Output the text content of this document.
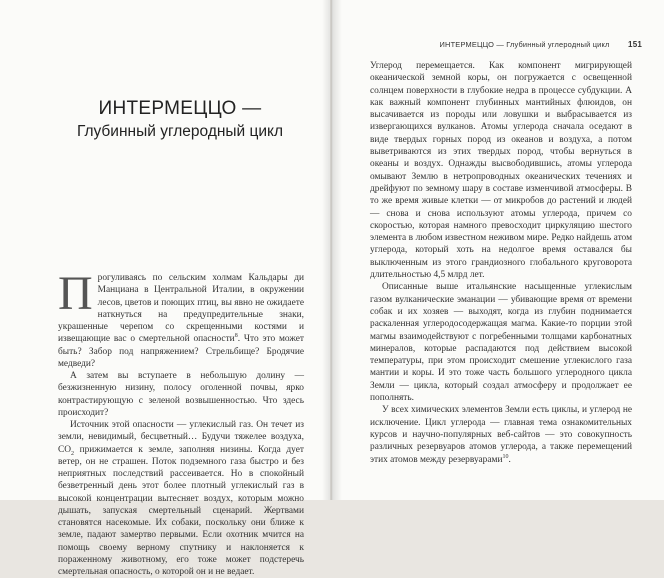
ИНТЕРМЕЦЦО —
Глубинный углеродный цикл

Прогуливаясь по сельским холмам Кальдары ди Манциана в Центральной Италии, в окружении лесов, цветов и поющих птиц, вы явно не ожидаете наткнуться на предупредительные знаки, украшенные черепом со скрещенными костями и извещающие вас о смертельной опасности$^8$. Что это может быть? Забор под напряжением? Стрельбище? Бродячие медведи?

А затем вы вступаете в небольшую долину — безжизненную низину, полосу оголенной почвы, ярко контрастирующую с зеленой возвышенностью. Что здесь происходит?

Источник этой опасности — углекислый газ. Он течет из земли, невидимый, бесцветный… Будучи тяжелее воздуха, $CO_2$ прижимается к земле, заполняя низины. Когда дует ветер, он не страшен. Поток подземного газа быстро и без неприятных последствий рассеивается. Но в спокойный безветренный день этот более плотный углекислый газ в высокой концентрации вытесняет воздух, которым можно дышать, запуская смертельный сценарий. Жертвами становятся насекомые. Их собаки, поскольку они ближе к земле, падают замертво первыми. Если охотник мчится на помощь своему верному спутнику и наклоняется к пораженному животному, его тоже может подстеречь смертельная опасность, о которой он и не ведает.

ИНТЕРМЕЦЦО — Глубинный углеродный цикл 151

Углерод перемещается. Как компонент мигрирующей океанической земной коры, он погружается с освещенной солнцем поверхности в глубокие недра в процессе субдукции. А как важный компонент глубинных мантийных флюидов, он высачивается из породы или ловушки и выбрасывается из извергающихся вулканов. Атомы углерода сначала оседают в виде твердых горных пород из океанов и воздуха, а потом выветриваются из этих твердых пород, чтобы вернуться в океаны и воздух. Однажды высвободившись, атомы углерода омывают Землю в нетропроводных океанических течениях и дрейфуют по земному шару в составе изменчивой атмосферы. В то же время живые клетки — от микробов до растений и людей — снова и снова используют атомы углерода, причем со скоростью, которая намного превосходит циркуляцию шестого элемента в любом известном неживом мире. Редко найдешь атом углерода, который хоть на недолгое время оставался бы выключенным из этого грандиозного глобального круговорота длительностью 4,5 млрд лет.

Описанные выше итальянские насыщенные углекислым газом вулканические эманации — убивающие время от времени собак и их хозяев — выходят, когда из глубин поднимается раскаленная углеродосодержащая магма. Какие-то порции этой магмы взаимодействуют с погребенными толщами карбонатных минералов, которые распадаются под действием высокой температуры, при этом происходит смешение углекислого газа мантии и коры. И это тоже часть большого углеродного цикла Земли — цикла, который создал атмосферу и продолжает ее пополнять.

У всех химических элементов Земли есть циклы, и углерод не исключение. Цикл углерода — главная тема ознакомительных курсов и научно-популярных веб-сайтов — это совокупность различных резервуаров атомов углерода, а также перемещений этих атомов между резервуарами$^{10}$.
